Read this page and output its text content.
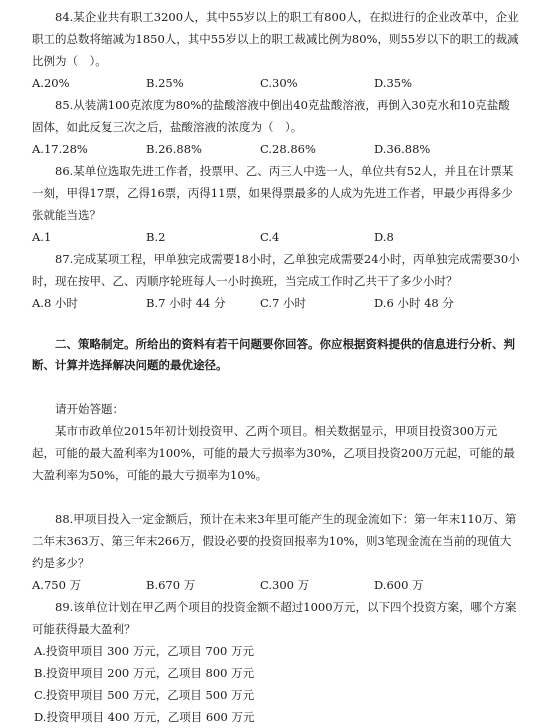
84.某企业共有职工3200人，其中55岁以上的职工有800人，在拟进行的企业改革中，企业职工的总数将缩减为1850人，其中55岁以上的职工裁减比例为80%，则55岁以下的职工的裁减比例为（　）。

A.20%	B.25%	C.30%	D.35%

85.从装满100克浓度为80%的盐酸溶液中倒出40克盐酸溶液，再倒入30克水和10克盐酸固体，如此反复三次之后，盐酸溶液的浓度为（　）。

A.17.28%	B.26.88%	C.28.86%	D.36.88%

86.某单位选取先进工作者，投票甲、乙、丙三人中选一人，单位共有52人，并且在计票某一刻，甲得17票，乙得16票，丙得11票，如果得票最多的人成为先进工作者，甲最少再得多少张就能当选？

A.1	B.2	C.4	D.8

87.完成某项工程，甲单独完成需要18小时，乙单独完成需要24小时，丙单独完成需要30小时，现在按甲、乙、丙顺序轮班每人一小时换班，当完成工作时乙共干了多少小时？

A.8 小时	B.7 小时 44 分	C.7 小时	D.6 小时 48 分

二、策略制定。所给出的资料有若干问题要你回答。你应根据资料提供的信息进行分析、判断、计算并选择解决问题的最优途径。

请开始答题：

某市市政单位2015年初计划投资甲、乙两个项目。相关数据显示，甲项目投资300万元起，可能的最大盈利率为100%，可能的最大亏损率为30%，乙项目投资200万元起，可能的最大盈利率为50%，可能的最大亏损率为10%。

88.甲项目投入一定金额后，预计在未来3年里可能产生的现金流如下：第一年末110万、第二年末363万、第三年末266万，假设必要的投资回报率为10%，则3笔现金流在当前的现值大约是多少？

A.750 万	B.670 万	C.300 万	D.600 万

89.该单位计划在甲乙两个项目的投资金额不超过1000万元，以下四个投资方案，哪个方案可能获得最大盈利？

A.投资甲项目 300 万元，乙项目 700 万元

B.投资甲项目 200 万元，乙项目 800 万元

C.投资甲项目 500 万元，乙项目 500 万元

D.投资甲项目 400 万元，乙项目 600 万元
